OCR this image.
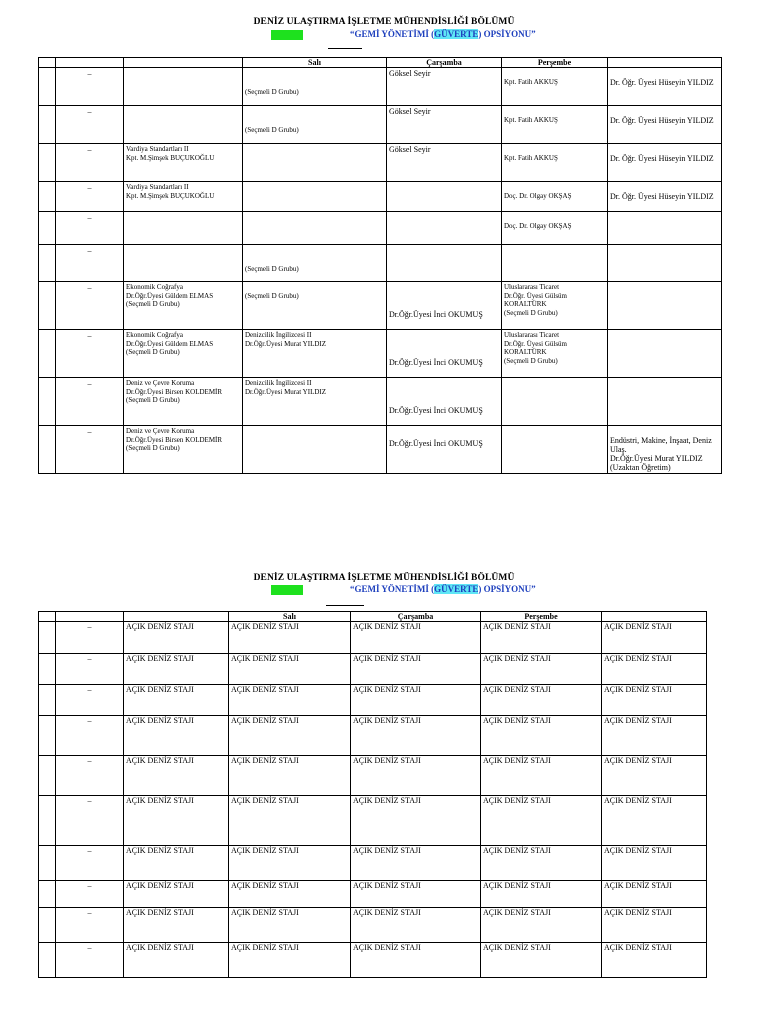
DENİZ ULAŞTIRMA İŞLETME MÜHENDİSLİĞİ BÖLÜMÜ
“GEMİ YÖNETİMİ (GÜVERTE) OPSİYONU”
			Salı	Çarşamba	Perşembe	
	–		(Seçmeli D Grubu)	Göksel Seyir	Kpt. Fatih AKKUŞ	Dr. Öğr. Üyesi Hüseyin YILDIZ

	–		(Seçmeli D Grubu)	Göksel Seyir	Kpt. Fatih AKKUŞ	Dr. Öğr. Üyesi Hüseyin YILDIZ

	–	Vardiya Standartları II
Kpt. M.Şimşek BUÇUKOĞLU		Göksel Seyir	Kpt. Fatih AKKUŞ	Dr. Öğr. Üyesi Hüseyin YILDIZ

	–	Vardiya Standartları II
Kpt. M.Şimşek BUÇUKOĞLU			Doç. Dr. Olgay OKŞAŞ	Dr. Öğr. Üyesi Hüseyin YILDIZ

	–				Doç. Dr. Olgay OKŞAŞ	

	–		(Seçmeli D Grubu)			

	–	Ekonomik Coğrafya
Dr.Öğr.Üyesi Güldem ELMAS
(Seçmeli D Grubu)	(Seçmeli D Grubu)	Dr.Öğr.Üyesi İnci OKUMUŞ	Uluslararası Ticaret
Dr.Öğr. Üyesi Gülsüm KORALTÜRK
(Seçmeli D Grubu)	
	–	Ekonomik Coğrafya
Dr.Öğr.Üyesi Güldem ELMAS
(Seçmeli D Grubu)	Denizcilik İngilizcesi II
Dr.Öğr.Üyesi Murat YILDIZ	Dr.Öğr.Üyesi İnci OKUMUŞ	Uluslararası Ticaret
Dr.Öğr. Üyesi Gülsüm KORALTÜRK
(Seçmeli D Grubu)	
	–	Deniz ve Çevre Koruma
Dr.Öğr.Üyesi Birsen KOLDEMİR
(Seçmeli D Grubu)	Denizcilik İngilizcesi II
Dr.Öğr.Üyesi Murat YILDIZ	Dr.Öğr.Üyesi İnci OKUMUŞ		

	–	Deniz ve Çevre Koruma
Dr.Öğr.Üyesi Birsen KOLDEMİR
(Seçmeli D Grubu)		Dr.Öğr.Üyesi İnci OKUMUŞ		Endüstri, Makine, İnşaat, Deniz Ulaş.
Dr.Öğr.Üyesi Murat YILDIZ
(Uzaktan Öğretim)
DENİZ ULAŞTIRMA İŞLETME MÜHENDİSLİĞİ BÖLÜMÜ
“GEMİ YÖNETİMİ (GÜVERTE) OPSİYONU”
			Salı	Çarşamba	Perşembe	
	–	AÇIK DENİZ STAJI	AÇIK DENİZ STAJI	AÇIK DENİZ STAJI	AÇIK DENİZ STAJI	AÇIK DENİZ STAJI
	–	AÇIK DENİZ STAJI	AÇIK DENİZ STAJI	AÇIK DENİZ STAJI	AÇIK DENİZ STAJI	AÇIK DENİZ STAJI
	–	AÇIK DENİZ STAJI	AÇIK DENİZ STAJI	AÇIK DENİZ STAJI	AÇIK DENİZ STAJI	AÇIK DENİZ STAJI
	–	AÇIK DENİZ STAJI	AÇIK DENİZ STAJI	AÇIK DENİZ STAJI	AÇIK DENİZ STAJI	AÇIK DENİZ STAJI
	–	AÇIK DENİZ STAJI	AÇIK DENİZ STAJI	AÇIK DENİZ STAJI	AÇIK DENİZ STAJI	AÇIK DENİZ STAJI
	–	AÇIK DENİZ STAJI	AÇIK DENİZ STAJI	AÇIK DENİZ STAJI	AÇIK DENİZ STAJI	AÇIK DENİZ STAJI
	–	AÇIK DENİZ STAJI	AÇIK DENİZ STAJI	AÇIK DENİZ STAJI	AÇIK DENİZ STAJI	AÇIK DENİZ STAJI
	–	AÇIK DENİZ STAJI	AÇIK DENİZ STAJI	AÇIK DENİZ STAJI	AÇIK DENİZ STAJI	AÇIK DENİZ STAJI
	–	AÇIK DENİZ STAJI	AÇIK DENİZ STAJI	AÇIK DENİZ STAJI	AÇIK DENİZ STAJI	AÇIK DENİZ STAJI
	–	AÇIK DENİZ STAJI	AÇIK DENİZ STAJI	AÇIK DENİZ STAJI	AÇIK DENİZ STAJI	AÇIK DENİZ STAJI
